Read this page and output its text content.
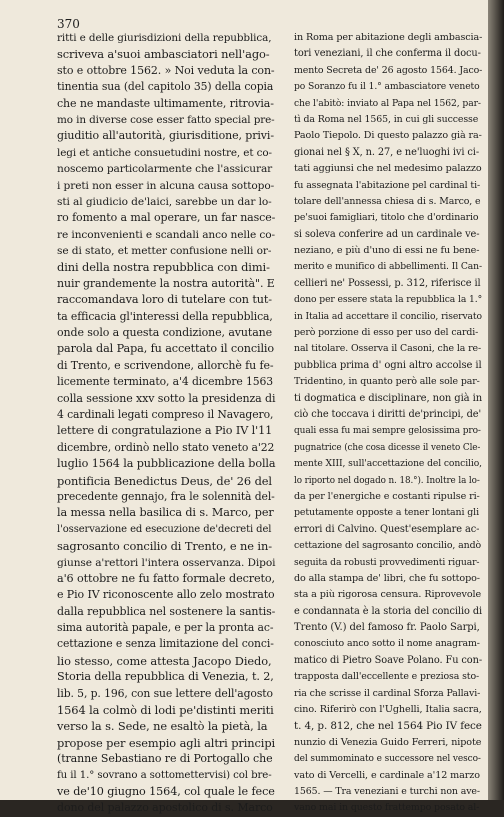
370

ritti e delle giurisdizioni della repubblica,
scriveva a'suoi ambasciatori nell'ago-
sto e ottobre 1562. » Noi veduta la con-
tinentia sua (del capitolo 35) della copia
che ne mandaste ultimamente, ritrovia-
mo in diverse cose esser fatto special pre-
giuditio all'autorità, giurisditione, privi-
legi et antiche consuetudini nostre, et co-
noscemo particolarmente che l'assicurar
i preti non esser in alcuna causa sottopo-
sti al giudicio de'laici, sarebbe un dar lo-
ro fomento a mal operare, un far nasce-
re inconvenienti e scandali anco nelle co-
se di stato, et metter confusione nelli or-
dini della nostra repubblica con dimi-
nuir grandemente la nostra autorità". E
raccomandava loro di tutelare con tut-
ta efficacia gl'interessi della repubblica,
onde solo a questa condizione, avutane
parola dal Papa, fu accettato il concilio
di Trento, e scrivendone, allorchè fu fe-
licemente terminato, a'4 dicembre 1563
colla sessione xxv sotto la presidenza di
4 cardinali legati compreso il Navagero,
lettere di congratulazione a Pio IV l'11
dicembre, ordinò nello stato veneto a'22
luglio 1564 la pubblicazione della bolla
pontificia Benedictus Deus, de' 26 del
precedente gennajo, fra le solennità del-
la messa nella basilica di s. Marco, per
l'osservazione ed esecuzione de'decreti del
sagrosanto concilio di Trento, e ne in-
giunse a'rettori l'intera osservanza. Dipoi
a'6 ottobre ne fu fatto formale decreto,
e Pio IV riconoscente allo zelo mostrato
dalla repubblica nel sostenere la santis-
sima autorità papale, e per la pronta ac-
cettazione e senza limitazione del conci-
lio stesso, come attesta Jacopo Diedo,
Storia della repubblica di Venezia, t. 2,
lib. 5, p. 196, con sue lettere dell'agosto
1564 la colmò di lodi pe'distinti meriti
verso la s. Sede, ne esaltò la pietà, la
propose per esempio agli altri principi
(tranne Sebastiano re di Portogallo che
fu il 1.° sovrano a sottomettervisi) col bre-
ve de'10 giugno 1564, col quale le fece
dono del palazzo apostolico di s. Marco
in Roma per abitazione degli ambascia-
tori veneziani, il che conferma il docu-
mento Secreta de' 26 agosto 1564. Jaco-
po Soranzo fu il 1.° ambasciatore veneto
che l'abitò: inviato al Papa nel 1562, par-
tì da Roma nel 1565, in cui gli successe
Paolo Tiepolo. Di questo palazzo già ra-
gionai nel § X, n. 27, e ne'luoghi ivi ci-
tati aggiunsi che nel medesimo palazzo
fu assegnata l'abitazione pel cardinal ti-
tolare dell'annessa chiesa di s. Marco, e
pe'suoi famigliari, titolo che d'ordinario
si soleva conferire ad un cardinale ve-
neziano, e più d'uno di essi ne fu bene-
merito e munifico di abbellimenti. Il Can-
cellieri ne' Possessi, p. 312, riferisce il
dono per essere stata la repubblica la 1.°
in Italia ad accettare il concilio, riservato
però porzione di esso per uso del cardi-
nal titolare. Osserva il Casoni, che la re-
pubblica prima d' ogni altro accolse il
Tridentino, in quanto però alle sole par-
ti dogmatica e disciplinare, non già in
ciò che toccava i diritti de'principi, de'
quali essa fu mai sempre gelosissima pro-
pugnatrice (che cosa dicesse il veneto Cle-
mente XIII, sull'accettazione del concilio,
lo riporto nel dogado n. 18.°). Inoltre la lo-
da per l'energiche e costanti ripulse ri-
petutamente opposte a tener lontani gli
errori di Calvino. Quest'esemplare ac-
cettazione del sagrosanto concilio, andò
seguita da robusti provvedimenti riguar-
do alla stampa de' libri, che fu sottopo-
sta a più rigorosa censura. Riprovevole
e condannata è la storia del concilio di
Trento (V.) del famoso fr. Paolo Sarpi,
conosciuto anco sotto il nome anagram-
matico di Pietro Soave Polano. Fu con-
trapposta dall'eccellente e preziosa sto-
ria che scrisse il cardinal Sforza Pallavi-
cino. Riferirò con l'Ughelli, Italia sacra,
t. 4, p. 812, che nel 1564 Pio IV fece
nunzio di Venezia Guido Ferreri, nipote
del summominato e successore nel vesco-
vato di Vercelli, e cardinale a'12 marzo
1565. — Tra veneziani e turchi non ave-
vano mai in questo frattempo posato al-
